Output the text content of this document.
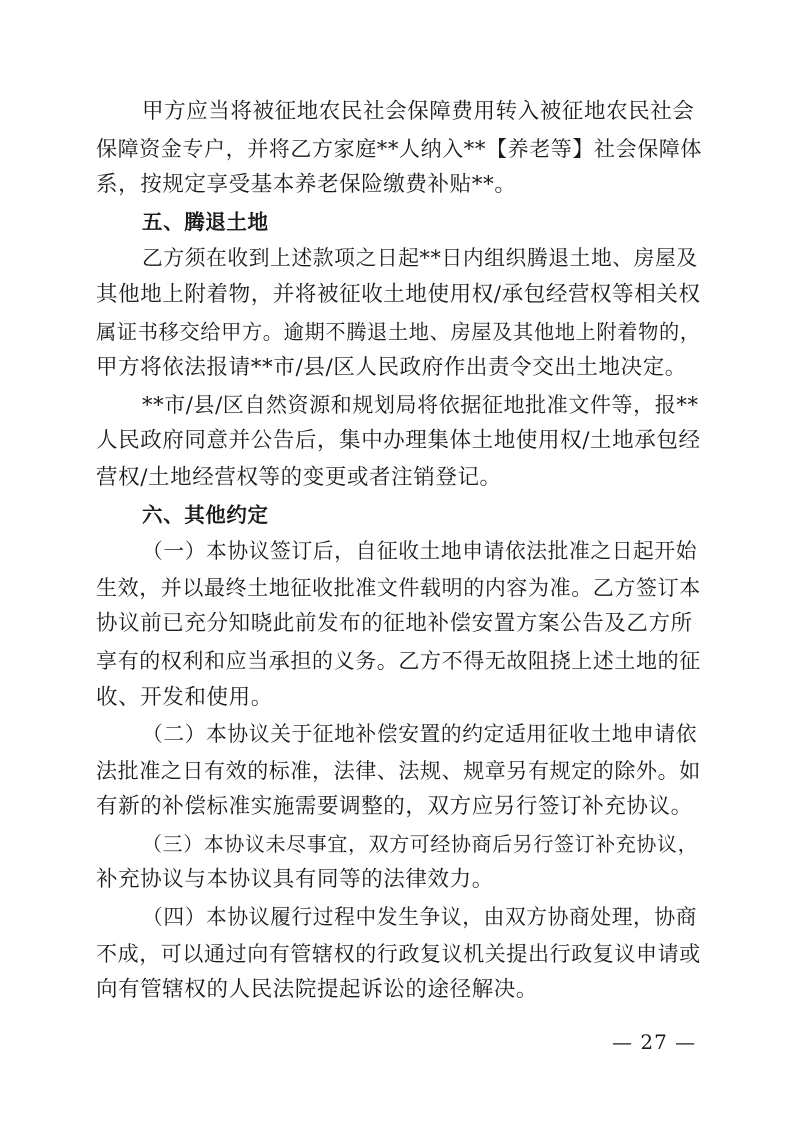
甲方应当将被征地农民社会保障费用转入被征地农民社会
保障资金专户，并将乙方家庭**人纳入**【养老等】社会保障体
系，按规定享受基本养老保险缴费补贴**。
五、腾退土地
乙方须在收到上述款项之日起**日内组织腾退土地、房屋及
其他地上附着物，并将被征收土地使用权/承包经营权等相关权
属证书移交给甲方。逾期不腾退土地、房屋及其他地上附着物的，
甲方将依法报请**市/县/区人民政府作出责令交出土地决定。
**市/县/区自然资源和规划局将依据征地批准文件等，报**
人民政府同意并公告后，集中办理集体土地使用权/土地承包经
营权/土地经营权等的变更或者注销登记。
六、其他约定
（一）本协议签订后，自征收土地申请依法批准之日起开始
生效，并以最终土地征收批准文件载明的内容为准。乙方签订本
协议前已充分知晓此前发布的征地补偿安置方案公告及乙方所
享有的权利和应当承担的义务。乙方不得无故阻挠上述土地的征
收、开发和使用。
（二）本协议关于征地补偿安置的约定适用征收土地申请依
法批准之日有效的标准，法律、法规、规章另有规定的除外。如
有新的补偿标准实施需要调整的，双方应另行签订补充协议。
（三）本协议未尽事宜，双方可经协商后另行签订补充协议，
补充协议与本协议具有同等的法律效力。
（四）本协议履行过程中发生争议，由双方协商处理，协商
不成，可以通过向有管辖权的行政复议机关提出行政复议申请或
向有管辖权的人民法院提起诉讼的途径解决。
— 27 —
